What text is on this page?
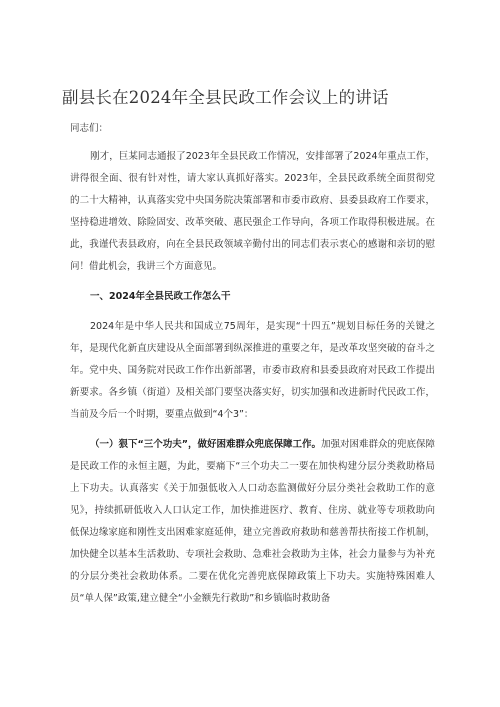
副县长在2024年全县民政工作会议上的讲话
同志们：

刚才，巨某同志通报了2023年全县民政工作情况，安排部署了2024年重点工作，讲得很全面、很有针对性，请大家认真抓好落实。2023年，全县民政系统全面贯彻党的二十大精神，认真落实党中央国务院决策部署和市委市政府、县委县政府工作要求，坚持稳进增效、除险固安、改革突破、惠民强企工作导向，各项工作取得积极进展。在此，我谨代表县政府，向在全县民政领域辛勤付出的同志们表示衷心的感谢和亲切的慰问！借此机会，我讲三个方面意见。

一、2024年全县民政工作怎么干

2024年是中华人民共和国成立75周年，是实现“十四五”规划目标任务的关键之年，是现代化新直庆建设从全面部署到纵深推进的重要之年，是改革攻坚突破的奋斗之年。党中央、国务院对民政工作作出新部署，市委市政府和县委县政府对民政工作提出新要求。各乡镇（街道）及相关部门要坚决落实好，切实加强和改进新时代民政工作，当前及今后一个时期，要重点做到“4个3”：

（一）狠下“三个功夫”，做好困难群众兜底保障工作。加强对困难群众的兜底保障是民政工作的永恒主题，为此，要痛下“三个功夫二一要在加快构建分层分类救助格局上下功夫。认真落实《关于加强低收入人口动态监测做好分层分类社会救助工作的意见》，持续抓研低收入人口认定工作，加快推进医疗、教育、住房、就业等专项救助向低保边缘家庭和刚性支出困难家庭延伸，建立完善政府救助和慈善帮扶衔接工作机制，加快健全以基本生活救助、专项社会救助、急难社会救助为主体，社会力量参与为补充的分层分类社会救助体系。二要在优化完善兜底保障政策上下功夫。实施特殊困难人员“单人保”政策,建立健全“小金额先行救助”和乡镇临时救助备
